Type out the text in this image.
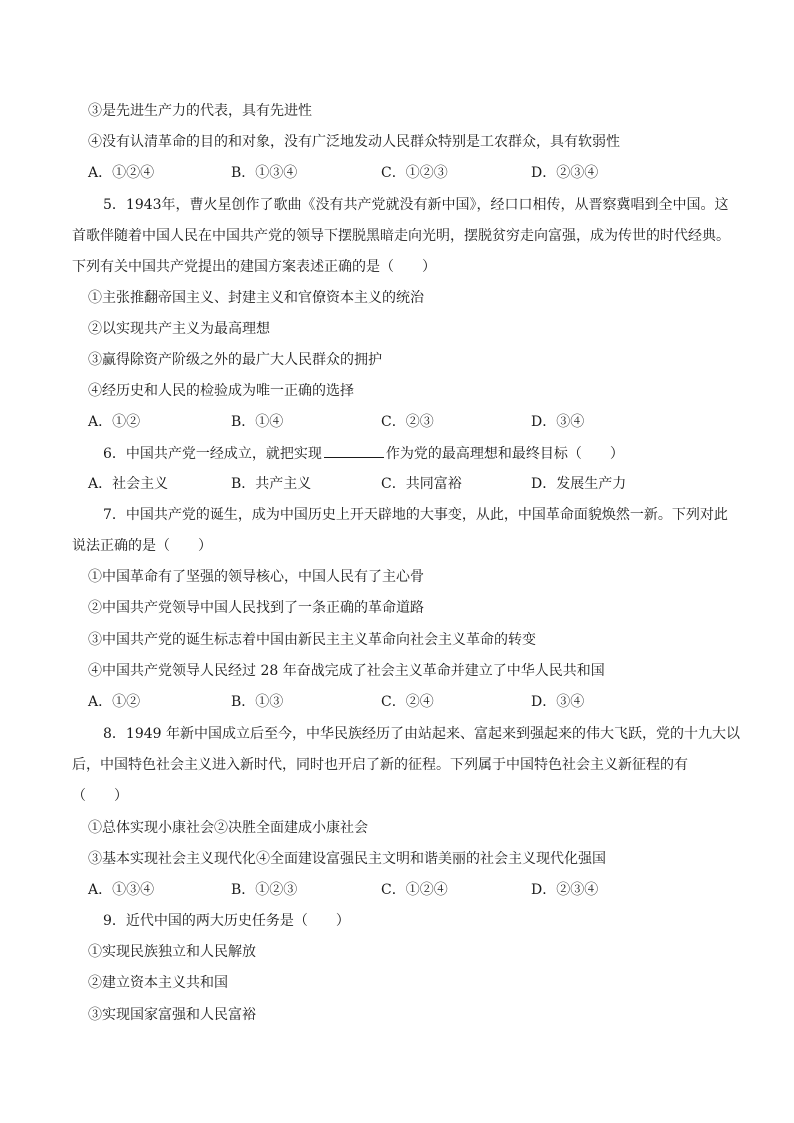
③是先进生产力的代表，具有先进性
④没有认清革命的目的和对象，没有广泛地发动人民群众特别是工农群众，具有软弱性
A．①②④	B．①③④	C．①②③	D．②③④
5．1943年，曹火星创作了歌曲《没有共产党就没有新中国》，经口口相传，从晋察冀唱到全中国。这
首歌伴随着中国人民在中国共产党的领导下摆脱黑暗走向光明，摆脱贫穷走向富强，成为传世的时代经典。
下列有关中国共产党提出的建国方案表述正确的是（　　）
①主张推翻帝国主义、封建主义和官僚资本主义的统治
②以实现共产主义为最高理想
③赢得除资产阶级之外的最广大人民群众的拥护
④经历史和人民的检验成为唯一正确的选择
A．①②	B．①④	C．②③	D．③④
6．中国共产党一经成立，就把实现	作为党的最高理想和最终目标（　　）
A．社会主义	B．共产主义	C．共同富裕	D．发展生产力
7．中国共产党的诞生，成为中国历史上开天辟地的大事变，从此，中国革命面貌焕然一新。下列对此
说法正确的是（　　）
①中国革命有了坚强的领导核心，中国人民有了主心骨
②中国共产党领导中国人民找到了一条正确的革命道路
③中国共产党的诞生标志着中国由新民主主义革命向社会主义革命的转变
④中国共产党领导人民经过 28 年奋战完成了社会主义革命并建立了中华人民共和国
A．①②	B．①③	C．②④	D．③④
8．1949 年新中国成立后至今，中华民族经历了由站起来、富起来到强起来的伟大飞跃，党的十九大以
后，中国特色社会主义进入新时代，同时也开启了新的征程。下列属于中国特色社会主义新征程的有
（　　）
①总体实现小康社会②决胜全面建成小康社会
③基本实现社会主义现代化④全面建设富强民主文明和谐美丽的社会主义现代化强国
A．①③④	B．①②③	C．①②④	D．②③④
9．近代中国的两大历史任务是（　　）
①实现民族独立和人民解放
②建立资本主义共和国
③实现国家富强和人民富裕
